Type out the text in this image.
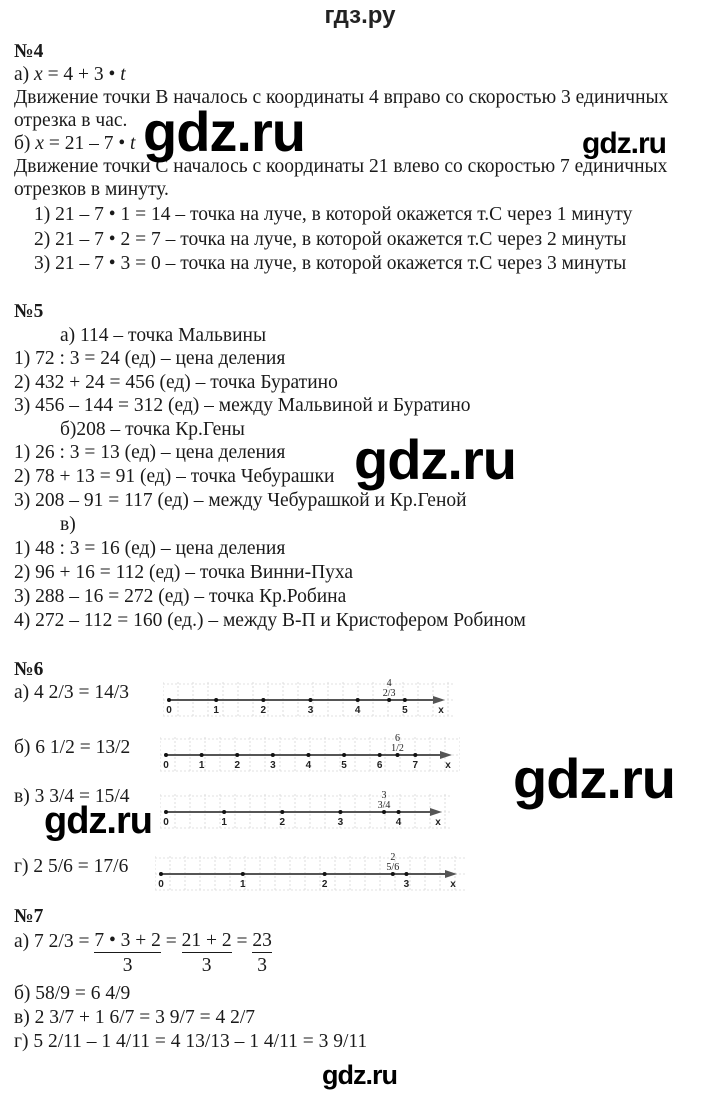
гдз.ру
№4
а) x = 4 + 3 • t
Движение точки В началось с координаты 4 вправо со скоростью 3 единичных
отрезка в час.
б) x = 21 – 7 • t
Движение точки С началось с координаты 21 влево со скоростью 7 единичных
отрезков в минуту.
1) 21 – 7 • 1 = 14 – точка на луче, в которой окажется т.С через 1 минуту
2) 21 – 7 • 2 = 7 – точка на луче, в которой окажется т.С через 2 минуты
3) 21 – 7 • 3 = 0 – точка на луче, в которой окажется т.С через 3 минуты
№5
а) 114 – точка Мальвины
1) 72 : 3 = 24 (ед) – цена деления
2) 432 + 24 = 456 (ед) – точка Буратино
3) 456 – 144 = 312 (ед) – между Мальвиной и Буратино
б)208 – точка Кр.Гены
1) 26 : 3 = 13 (ед) – цена деления
2) 78 + 13 = 91 (ед) – точка Чебурашки
3) 208 – 91 = 117 (ед) – между Чебурашкой и Кр.Геной
в)
1) 48 : 3 = 16 (ед) – цена деления
2) 96 + 16 = 112 (ед) – точка Винни-Пуха
3) 288 – 16 = 272 (ед) – точка Кр.Робина
4) 272 – 112 = 160 (ед.) – между В-П и Кристофером Робином
№6
а) 4 2/3 = 14/3
б) 6 1/2 = 13/2
в) 3 3/4 = 15/4
г) 2 5/6 = 17/6
0	1	2	3	4	5
4
2/3
x
0	1	2	3	4	5	6	7
6
1/2
x
0	1	2	3	4
3
3/4
x
0	1	2	3
2
5/6
x
№7
а) 7 $2/3 = \frac{7 • 3 + 2}{3} = \frac{21 + 2}{3} = \frac{23}{3}$
б) 58/9 = 6 4/9
в) 2 3/7 + 1 6/7 = 3 9/7 = 4 2/7
г) 5 2/11 – 1 4/11 = 4 13/13 – 1 4/11 = 3 9/11
gdz.ru	gdz.ru
gdz.ru
gdz.ru
gdz.ru
gdz.ru
